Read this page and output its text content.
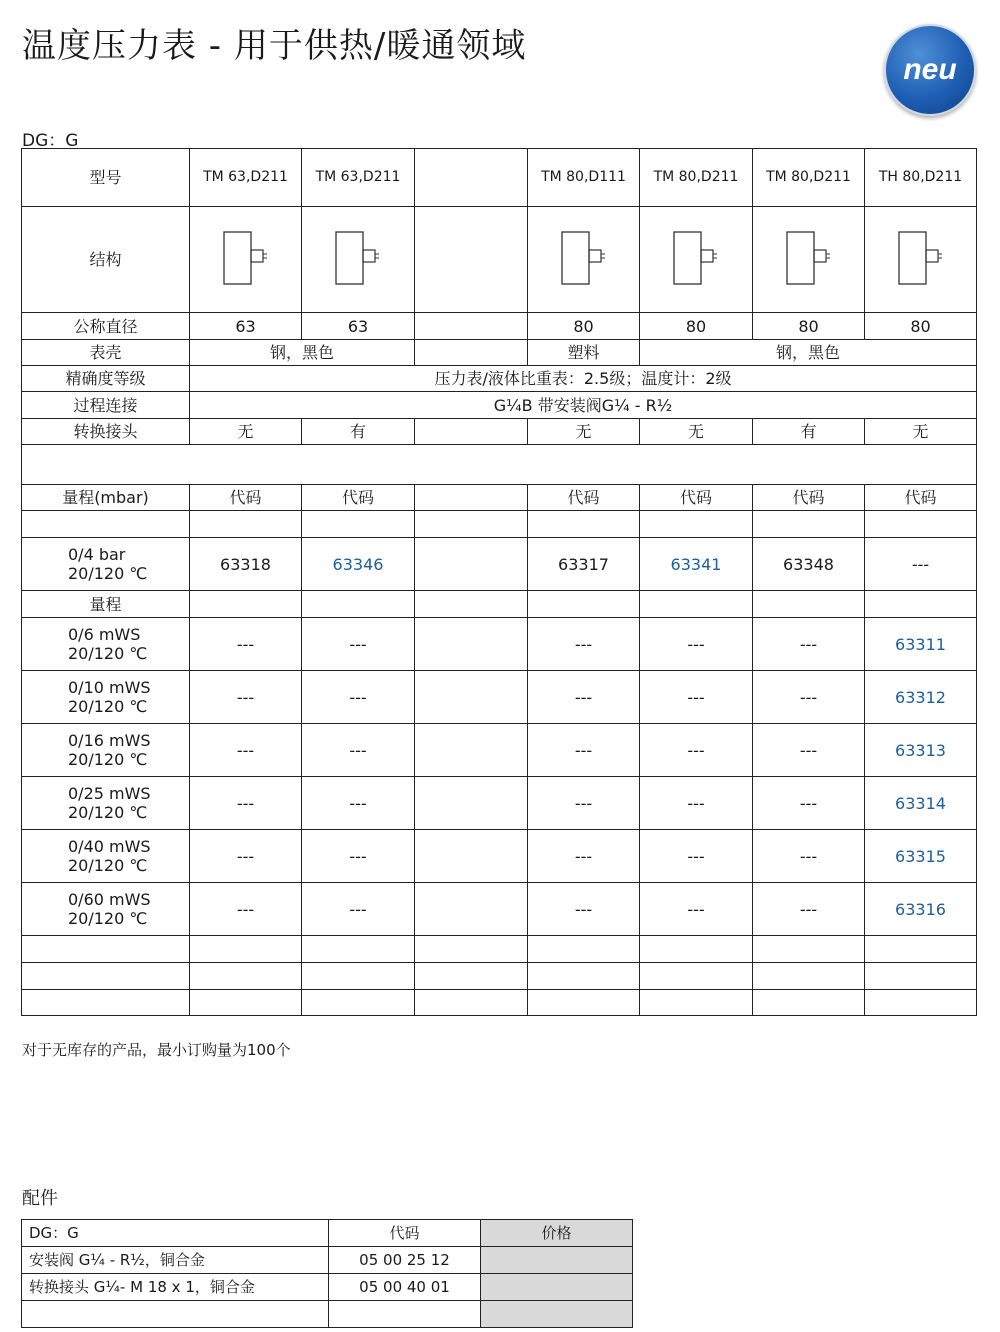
温度压力表 - 用于供热/暖通领域
neu
DG：G
型号	TM 63,D211	TM 63,D211		TM 80,D111	TM 80,D211	TM 80,D211	TH 80,D211
结构							
公称直径	63	63		80	80	80	80
表壳	钢，黑色			塑料	钢，黑色		
精确度等级	压力表/液体比重表：2.5级；温度计：2级						
过程连接	G¼B 带安装阀G¼ - R½						
转换接头	无	有		无	无	有	无

量程(mbar)	代码	代码		代码	代码	代码	代码

0/4 bar
20/120 ℃	63318	63346		63317	63341	63348	---
量程							

0/6 mWS
20/120 ℃	---	---		---	---	---	63311

0/10 mWS
20/120 ℃	---	---		---	---	---	63312

0/16 mWS
20/120 ℃	---	---		---	---	---	63313

0/25 mWS
20/120 ℃	---	---		---	---	---	63314

0/40 mWS
20/120 ℃	---	---		---	---	---	63315

0/60 mWS
20/120 ℃	---	---		---	---	---	63316

对于无库存的产品，最小订购量为100个
配件
DG：G	代码	价格
安装阀 G¼ - R½，铜合金	05 00 25 12	
转换接头 G¼- M 18 x 1，铜合金	05 00 40 01	
